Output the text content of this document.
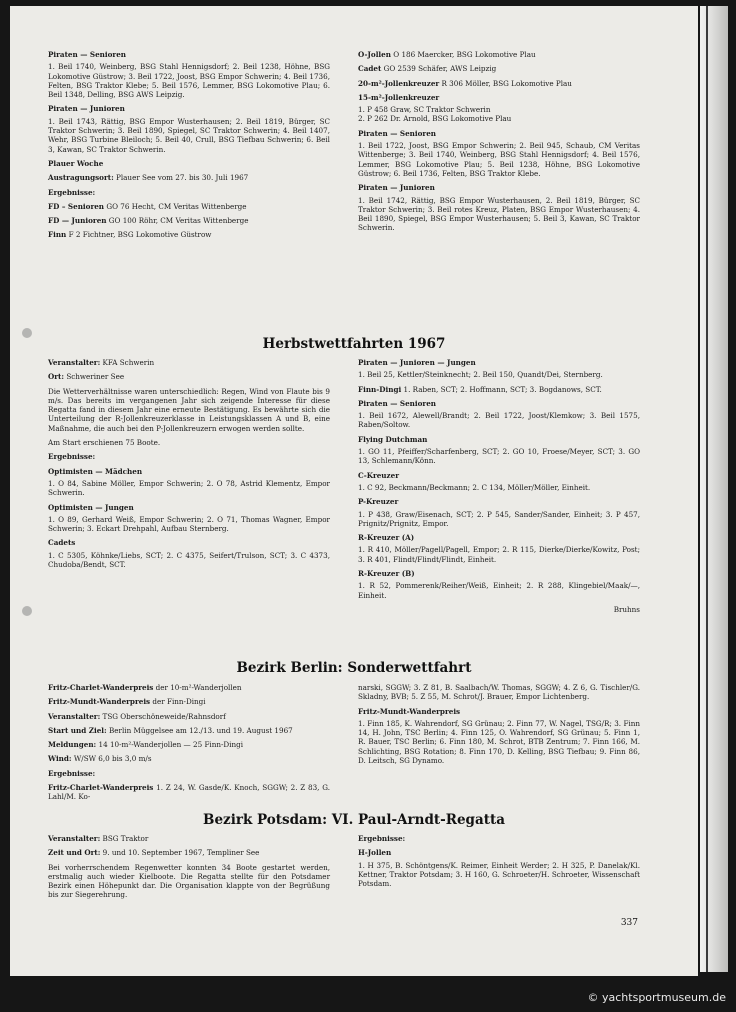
Piraten — Senioren
1. Beil 1740, Weinberg, BSG Stahl Hennigsdorf; 2. Beil 1238, Höhne, BSG Lokomotive Güstrow; 3. Beil 1722, Joost, BSG Empor Schwerin; 4. Beil 1736, Felten, BSG Traktor Klebe; 5. Beil 1576, Lemmer, BSG Lokomotive Plau; 6. Beil 1348, Delling, BSG AWS Leipzig.

Piraten — Junioren
1. Beil 1743, Rättig, BSG Empor Wusterhausen; 2. Beil 1819, Bürger, SC Traktor Schwerin; 3. Beil 1890, Spiegel, SC Traktor Schwerin; 4. Beil 1407, Wehr, BSG Turbine Bleiloch; 5. Beil 40, Crull, BSG Tiefbau Schwerin; 6. Beil 3, Kawan, SC Traktor Schwerin.

Plauer Woche

Austragungsort: Plauer See vom 27. bis 30. Juli 1967

Ergebnisse:

FD – Senioren GO 76 Hecht, CM Veritas Wittenberge

FD — Junioren GO 100 Röhr, CM Veritas Wittenberge

Finn F 2 Fichtner, BSG Lokomotive Güstrow

O-Jollen O 186 Maercker, BSG Lokomotive Plau

Cadet GO 2539 Schäfer, AWS Leipzig

20-m²-Jollenkreuzer R 306 Möller, BSG Lokomotive Plau

15-m²-Jollenkreuzer
1. P 458 Graw, SC Traktor Schwerin
2. P 262 Dr. Arnold, BSG Lokomotive Plau

Piraten — Senioren
1. Beil 1722, Joost, BSG Empor Schwerin; 2. Beil 945, Schaub, CM Veritas Wittenberge; 3. Beil 1740, Weinberg, BSG Stahl Hennigsdorf; 4. Beil 1576, Lemmer, BSG Lokomotive Plau; 5. Beil 1238, Höhne, BSG Lokomotive Güstrow; 6. Beil 1736, Felten, BSG Traktor Klebe.

Piraten — Junioren
1. Beil 1742, Rättig, BSG Empor Wusterhausen, 2. Beil 1819, Bürger, SC Traktor Schwerin; 3. Beil rotes Kreuz, Platen, BSG Empor Wusterhausen; 4. Beil 1890, Spiegel, BSG Empor Wusterhausen; 5. Beil 3, Kawan, SC Traktor Schwerin.

Herbstwettfahrten 1967

Veranstalter: KFA Schwerin

Ort: Schweriner See

Die Wetterverhältnisse waren unterschiedlich: Regen, Wind von Flaute bis 9 m/s. Das bereits im vergangenen Jahr sich zeigende Interesse für diese Regatta fand in diesem Jahr eine erneute Bestätigung. Es bewährte sich die Unterteilung der R-Jollenkreuzerklasse in Leistungsklassen A und B, eine Maßnahme, die auch bei den P-Jollenkreuzern erwogen werden sollte.

Am Start erschienen 75 Boote.

Ergebnisse:

Optimisten — Mädchen
1. O 84, Sabine Möller, Empor Schwerin; 2. O 78, Astrid Klementz, Empor Schwerin.

Optimisten — Jungen
1. O 89, Gerhard Weiß, Empor Schwerin; 2. O 71, Thomas Wagner, Empor Schwerin; 3. Eckart Drehpahl, Aufbau Sternberg.

Cadets
1. C 5305, Köhnke/Liebs, SCT; 2. C 4375, Seifert/Trulson, SCT; 3. C 4373, Chudoba/Bendt, SCT.

Piraten — Junioren — Jungen
1. Beil 25, Kettler/Steinknecht; 2. Beil 150, Quandt/Dei, Sternberg.

Finn-Dingi 1. Raben, SCT; 2. Hoffmann, SCT; 3. Bogdanows, SCT.

Piraten — Senioren
1. Beil 1672, Alewell/Brandt; 2. Beil 1722, Joost/Klemkow; 3. Beil 1575, Raben/Soltow.

Flying Dutchman
1. GO 11, Pfeiffer/Scharfenberg, SCT; 2. GO 10, Froese/Meyer, SCT; 3. GO 13, Schlemann/Könn.

C-Kreuzer
1. C 92, Beckmann/Beckmann; 2. C 134, Möller/Möller, Einheit.

P-Kreuzer
1. P 438, Graw/Eisenach, SCT; 2. P 545, Sander/Sander, Einheit; 3. P 457, Prignitz/Prignitz, Empor.

R-Kreuzer (A)
1. R 410, Möller/Pagell/Pagell, Empor; 2. R 115, Dierke/Dierke/Kowitz, Post; 3. R 401, Flindt/Flindt/Flindt, Einheit.

R-Kreuzer (B)
1. R 52, Pommerenk/Reiher/Weiß, Einheit; 2. R 288, Klingebiel/Maak/—, Einheit.

Bruhns
Bezirk Berlin: Sonderwettfahrt

Fritz-Charlet-Wanderpreis der 10-m²-Wanderjollen

Fritz-Mundt-Wanderpreis der Finn-Dingi

Veranstalter: TSG Oberschöneweide/Rahnsdorf

Start und Ziel: Berlin Müggelsee am 12./13. und 19. August 1967

Meldungen: 14 10-m²-Wanderjollen — 25 Finn-Dingi

Wind: W/SW 6,0 bis 3,0 m/s

Ergebnisse:

Fritz-Charlet-Wanderpreis 1. Z 24, W. Gasde/K. Knoch, SGGW; 2. Z 83, G. Lahl/M. Ko-

narski, SGGW; 3. Z 81, B. Saalbach/W. Thomas, SGGW; 4. Z 6, G. Tischler/G. Skladny, BVB; 5. Z 55, M. Schrot/J. Brauer, Empor Lichtenberg.

Fritz-Mundt-Wanderpreis
1. Finn 185, K. Wahrendorf, SG Grünau; 2. Finn 77, W. Nagel, TSG/R; 3. Finn 14, H. John, TSC Berlin; 4. Finn 125, O. Wahrendorf, SG Grünau; 5. Finn 1, R. Bauer, TSC Berlin; 6. Finn 180, M. Schrot, BTB Zentrum; 7. Finn 166, M. Schlichting, BSG Rotation; 8. Finn 170, D. Kelling, BSG Tiefbau; 9. Finn 86, D. Leitsch, SG Dynamo.

Bezirk Potsdam: VI. Paul-Arndt-Regatta

Veranstalter: BSG Traktor

Zeit und Ort: 9. und 10. September 1967, Templiner See

Bei vorherrschendem Regenwetter konnten 34 Boote gestartet werden, erstmalig auch wieder Kielboote. Die Regatta stellte für den Potsdamer Bezirk einen Höhepunkt dar. Die Organisation klappte von der Begrüßung bis zur Siegerehrung.

Ergebnisse:

H-Jollen
1. H 375, B. Schöntgens/K. Reimer, Einheit Werder; 2. H 325, P. Danelak/Kl. Kettner, Traktor Potsdam; 3. H 160, G. Schroeter/H. Schroeter, Wissenschaft Potsdam.

337
© yachtsportmuseum.de
